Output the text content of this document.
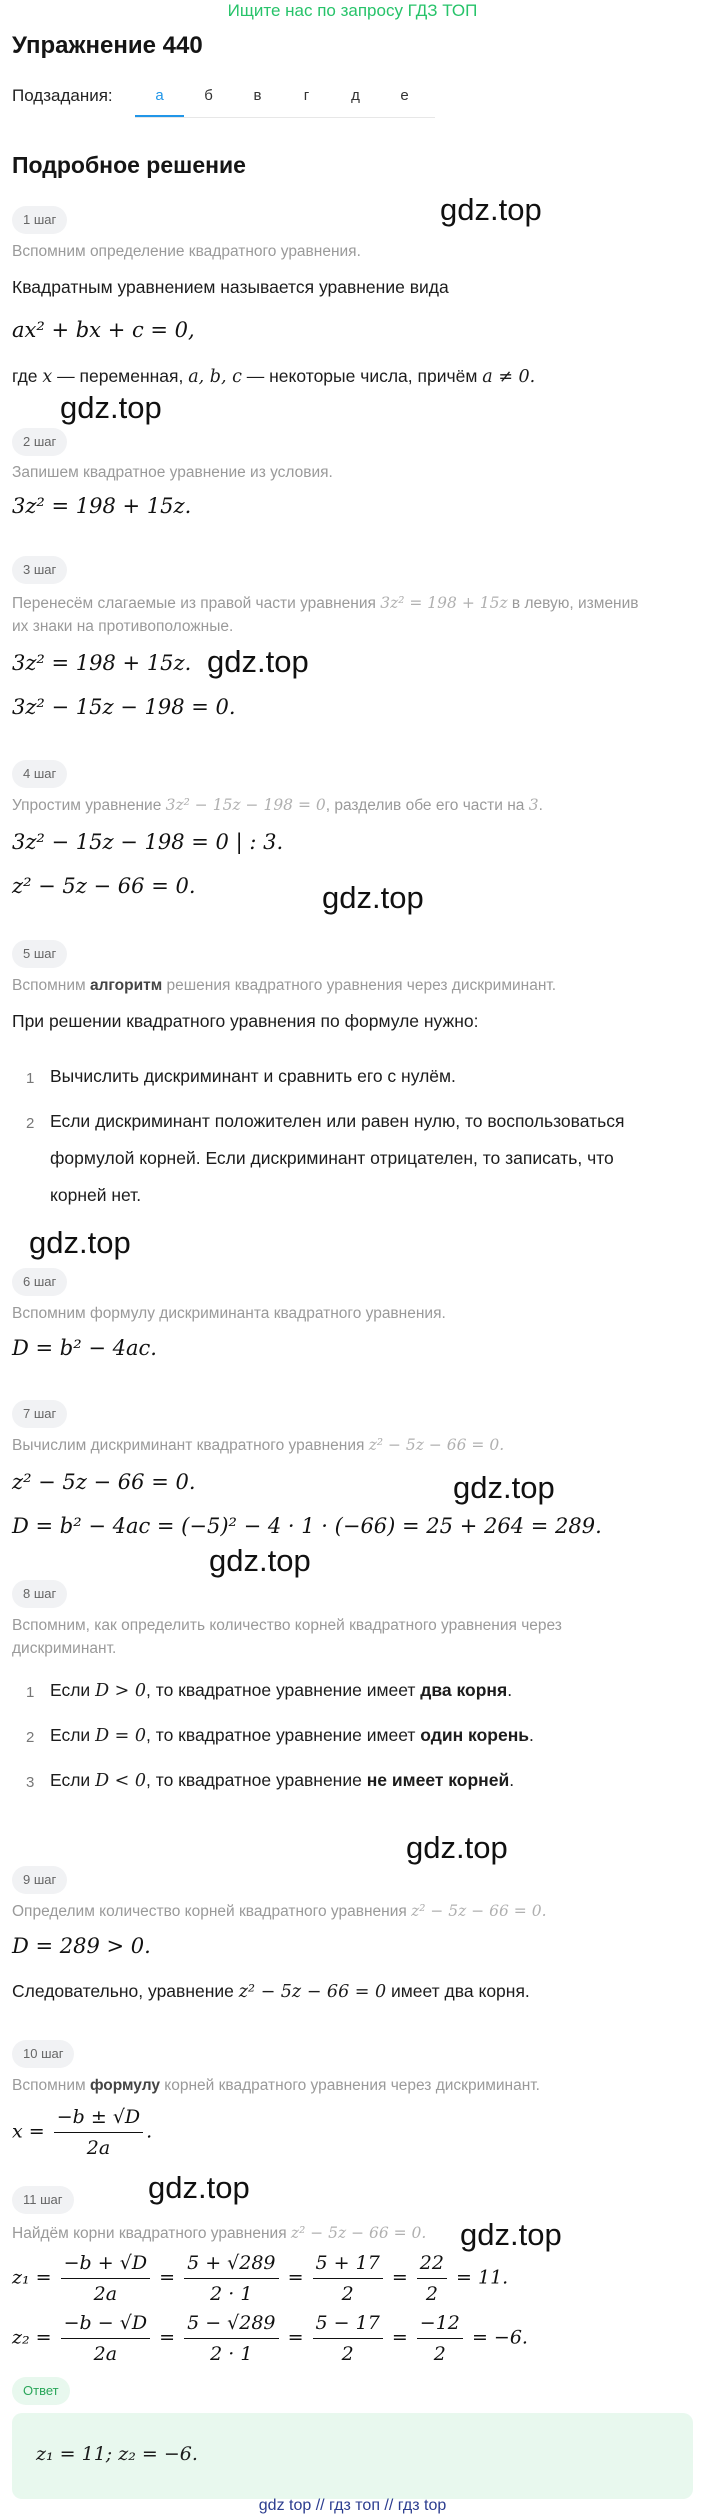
Ищите нас по запросу ГДЗ ТОП
Упражнение 440
Подзадания:	а	б	в	г	д	е
Подробное решение
1 шаг
Вспомним определение квадратного уравнения.
Квадратным уравнением называется уравнение вида
ax² + bx + c = 0,
где x — переменная, a, b, c — некоторые числа, причём a ≠ 0.
2 шаг
Запишем квадратное уравнение из условия.
3z² = 198 + 15z.
3 шаг
Перенесём слагаемые из правой части уравнения 3z² = 198 + 15z в левую, изменив
их знаки на противоположные.
3z² = 198 + 15z.
3z² − 15z − 198 = 0.
4 шаг
Упростим уравнение 3z² − 15z − 198 = 0, разделив обе его части на 3.
3z² − 15z − 198 = 0 | : 3.
z² − 5z − 66 = 0.
5 шаг
Вспомним алгоритм решения квадратного уравнения через дискриминант.
При решении квадратного уравнения по формуле нужно:
1 Вычислить дискриминант и сравнить его с нулём.
2 Если дискриминант положителен или равен нулю, то воспользоваться
формулой корней. Если дискриминант отрицателен, то записать, что
корней нет.
6 шаг
Вспомним формулу дискриминанта квадратного уравнения.
D = b² − 4ac.
7 шаг
Вычислим дискриминант квадратного уравнения z² − 5z − 66 = 0.
z² − 5z − 66 = 0.
D = b² − 4ac = (−5)² − 4 · 1 · (−66) = 25 + 264 = 289.
8 шаг
Вспомним, как определить количество корней квадратного уравнения через
дискриминант.
1 Если D > 0, то квадратное уравнение имеет два корня.
2 Если D = 0, то квадратное уравнение имеет один корень.
3 Если D < 0, то квадратное уравнение не имеет корней.
9 шаг
Определим количество корней квадратного уравнения z² − 5z − 66 = 0.
D = 289 > 0.
Следовательно, уравнение z² − 5z − 66 = 0 имеет два корня.
10 шаг
Вспомним формулу корней квадратного уравнения через дискриминант.
$x = \frac{-b \pm √D}{2a}$ .
11 шаг
Найдём корни квадратного уравнения z² − 5z − 66 = 0.
$z_1 = \frac{-b + √D}{2a} = \frac{5 + √289}{2 \cdot 1} = \frac{5 + 17}{2} = \frac{22}{2} = 11$.
$z_2 = \frac{-b - √D}{2a} = \frac{5 - √289}{2 \cdot 1} = \frac{5 - 17}{2} = \frac{-12}{2} = -6$.
Ответ
z₁ = 11; z₂ = −6.
gdz top // гдз топ // гдз top
gdz.top
gdz.top
gdz.top
gdz.top
gdz.top
gdz.top
gdz.top
gdz.top
gdz.top
gdz.top
